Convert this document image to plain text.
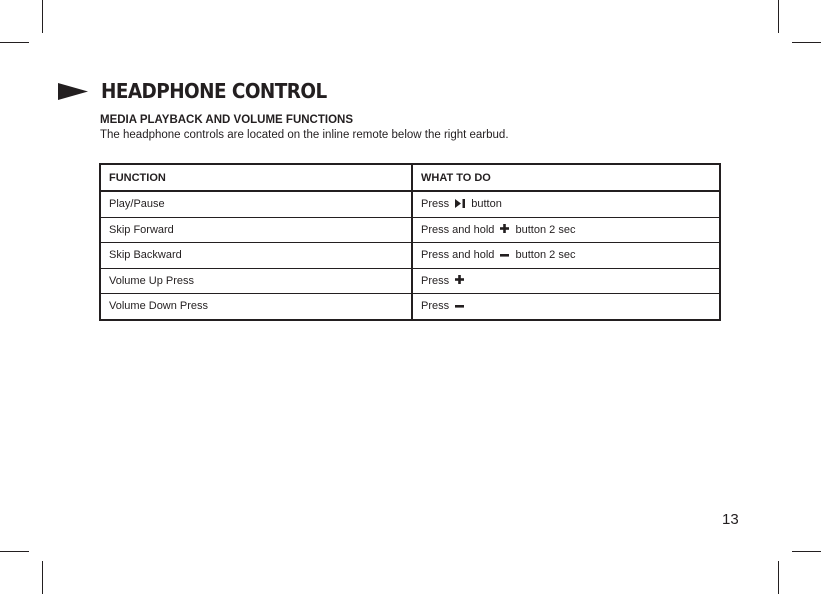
HEADPHONE CONTROL
MEDIA PLAYBACK AND VOLUME FUNCTIONS
The headphone controls are located on the inline remote below the right earbud.
FUNCTION	WHAT TO DO
Play/Pause	Press button
Skip Forward	Press and hold button 2 sec
Skip Backward	Press and hold button 2 sec
Volume Up Press	Press
Volume Down Press	Press
13
